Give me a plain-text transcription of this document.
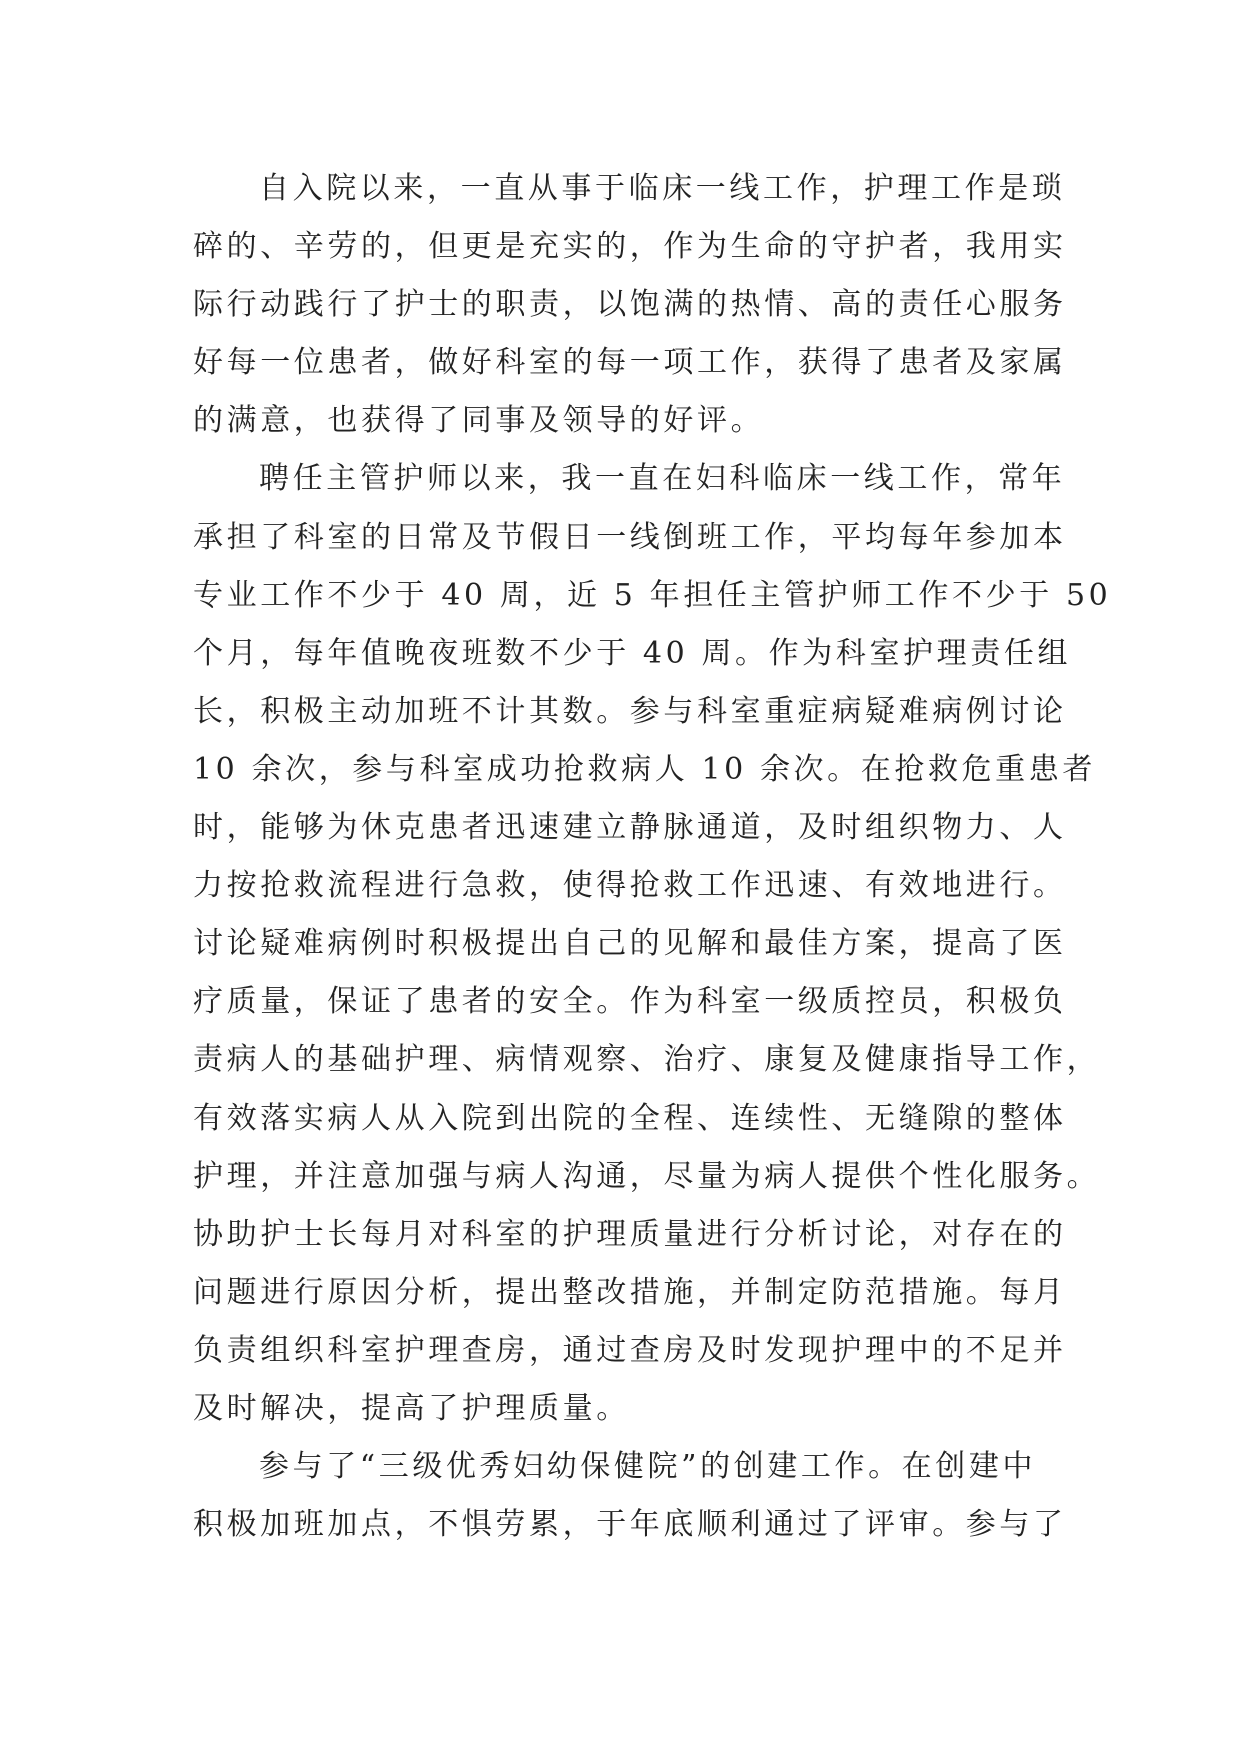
自入院以来，一直从事于临床一线工作，护理工作是琐
碎的、辛劳的，但更是充实的，作为生命的守护者，我用实
际行动践行了护士的职责，以饱满的热情、高的责任心服务
好每一位患者，做好科室的每一项工作，获得了患者及家属
的满意，也获得了同事及领导的好评。
聘任主管护师以来，我一直在妇科临床一线工作，常年
承担了科室的日常及节假日一线倒班工作，平均每年参加本
专业工作不少于 40 周，近 5 年担任主管护师工作不少于 50
个月，每年值晚夜班数不少于 40 周。作为科室护理责任组
长，积极主动加班不计其数。参与科室重症病疑难病例讨论
10 余次，参与科室成功抢救病人 10 余次。在抢救危重患者
时，能够为休克患者迅速建立静脉通道，及时组织物力、人
力按抢救流程进行急救，使得抢救工作迅速、有效地进行。
讨论疑难病例时积极提出自己的见解和最佳方案，提高了医
疗质量，保证了患者的安全。作为科室一级质控员，积极负
责病人的基础护理、病情观察、治疗、康复及健康指导工作，
有效落实病人从入院到出院的全程、连续性、无缝隙的整体
护理，并注意加强与病人沟通，尽量为病人提供个性化服务。
协助护士长每月对科室的护理质量进行分析讨论，对存在的
问题进行原因分析，提出整改措施，并制定防范措施。每月
负责组织科室护理查房，通过查房及时发现护理中的不足并
及时解决，提高了护理质量。
参与了“三级优秀妇幼保健院”的创建工作。在创建中
积极加班加点，不惧劳累，于年底顺利通过了评审。参与了
